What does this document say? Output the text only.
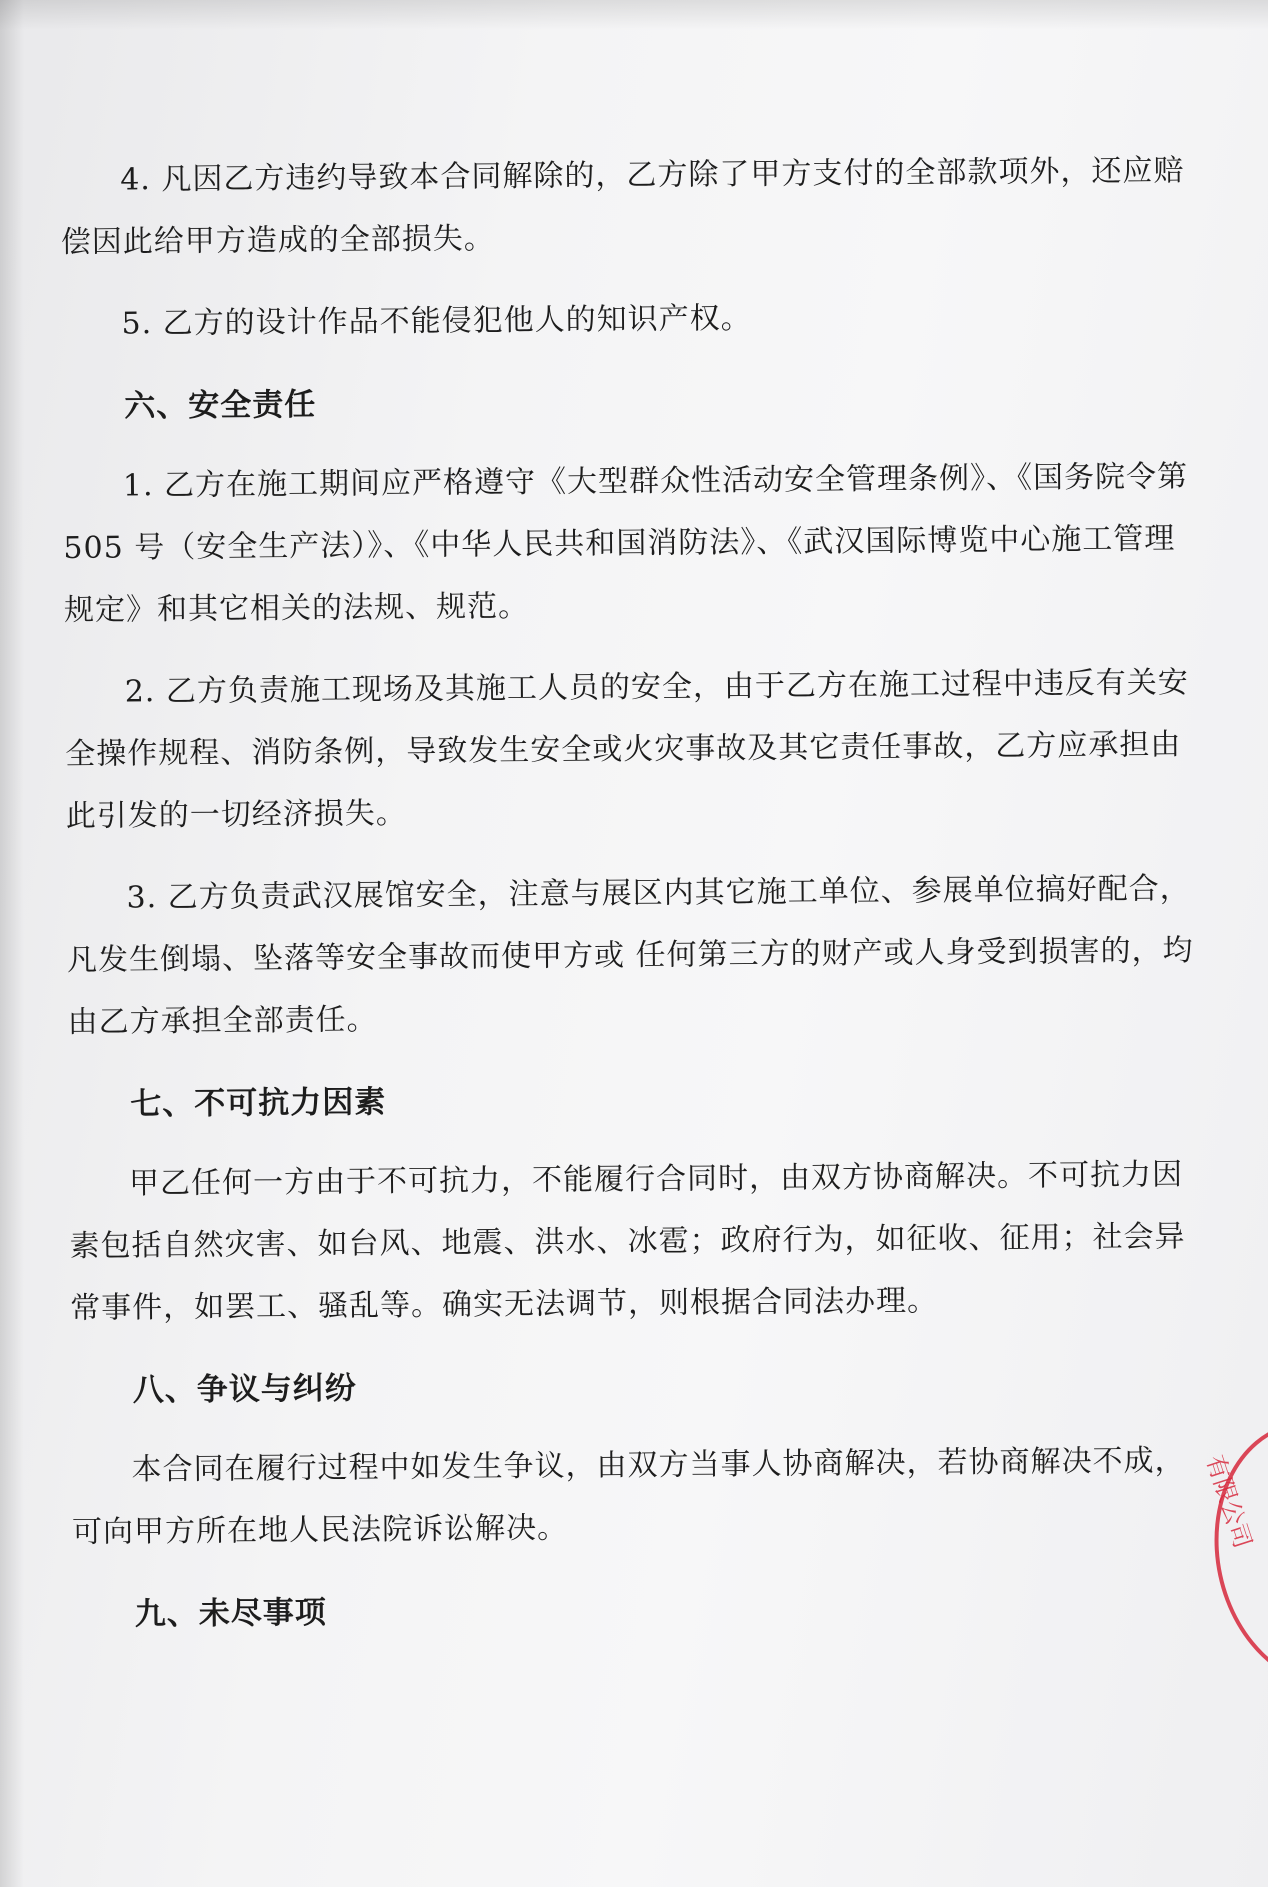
4. 凡因乙方违约导致本合同解除的，乙方除了甲方支付的全部款项外，还应赔偿因此给甲方造成的全部损失。

5. 乙方的设计作品不能侵犯他人的知识产权。

六、安全责任

1. 乙方在施工期间应严格遵守《大型群众性活动安全管理条例》、《国务院令第 505 号（安全生产法）》、《中华人民共和国消防法》、《武汉国际博览中心施工管理规定》和其它相关的法规、规范。

2. 乙方负责施工现场及其施工人员的安全，由于乙方在施工过程中违反有关安全操作规程、消防条例，导致发生安全或火灾事故及其它责任事故，乙方应承担由此引发的一切经济损失。

3. 乙方负责武汉展馆安全，注意与展区内其它施工单位、参展单位搞好配合，凡发生倒塌、坠落等安全事故而使甲方或 任何第三方的财产或人身受到损害的，均由乙方承担全部责任。

七、不可抗力因素

甲乙任何一方由于不可抗力，不能履行合同时，由双方协商解决。不可抗力因素包括自然灾害、如台风、地震、洪水、冰雹；政府行为，如征收、征用；社会异常事件，如罢工、骚乱等。确实无法调节，则根据合同法办理。

八、争议与纠纷

本合同在履行过程中如发生争议，由双方当事人协商解决，若协商解决不成，可向甲方所在地人民法院诉讼解决。

九、未尽事项
有限公司
